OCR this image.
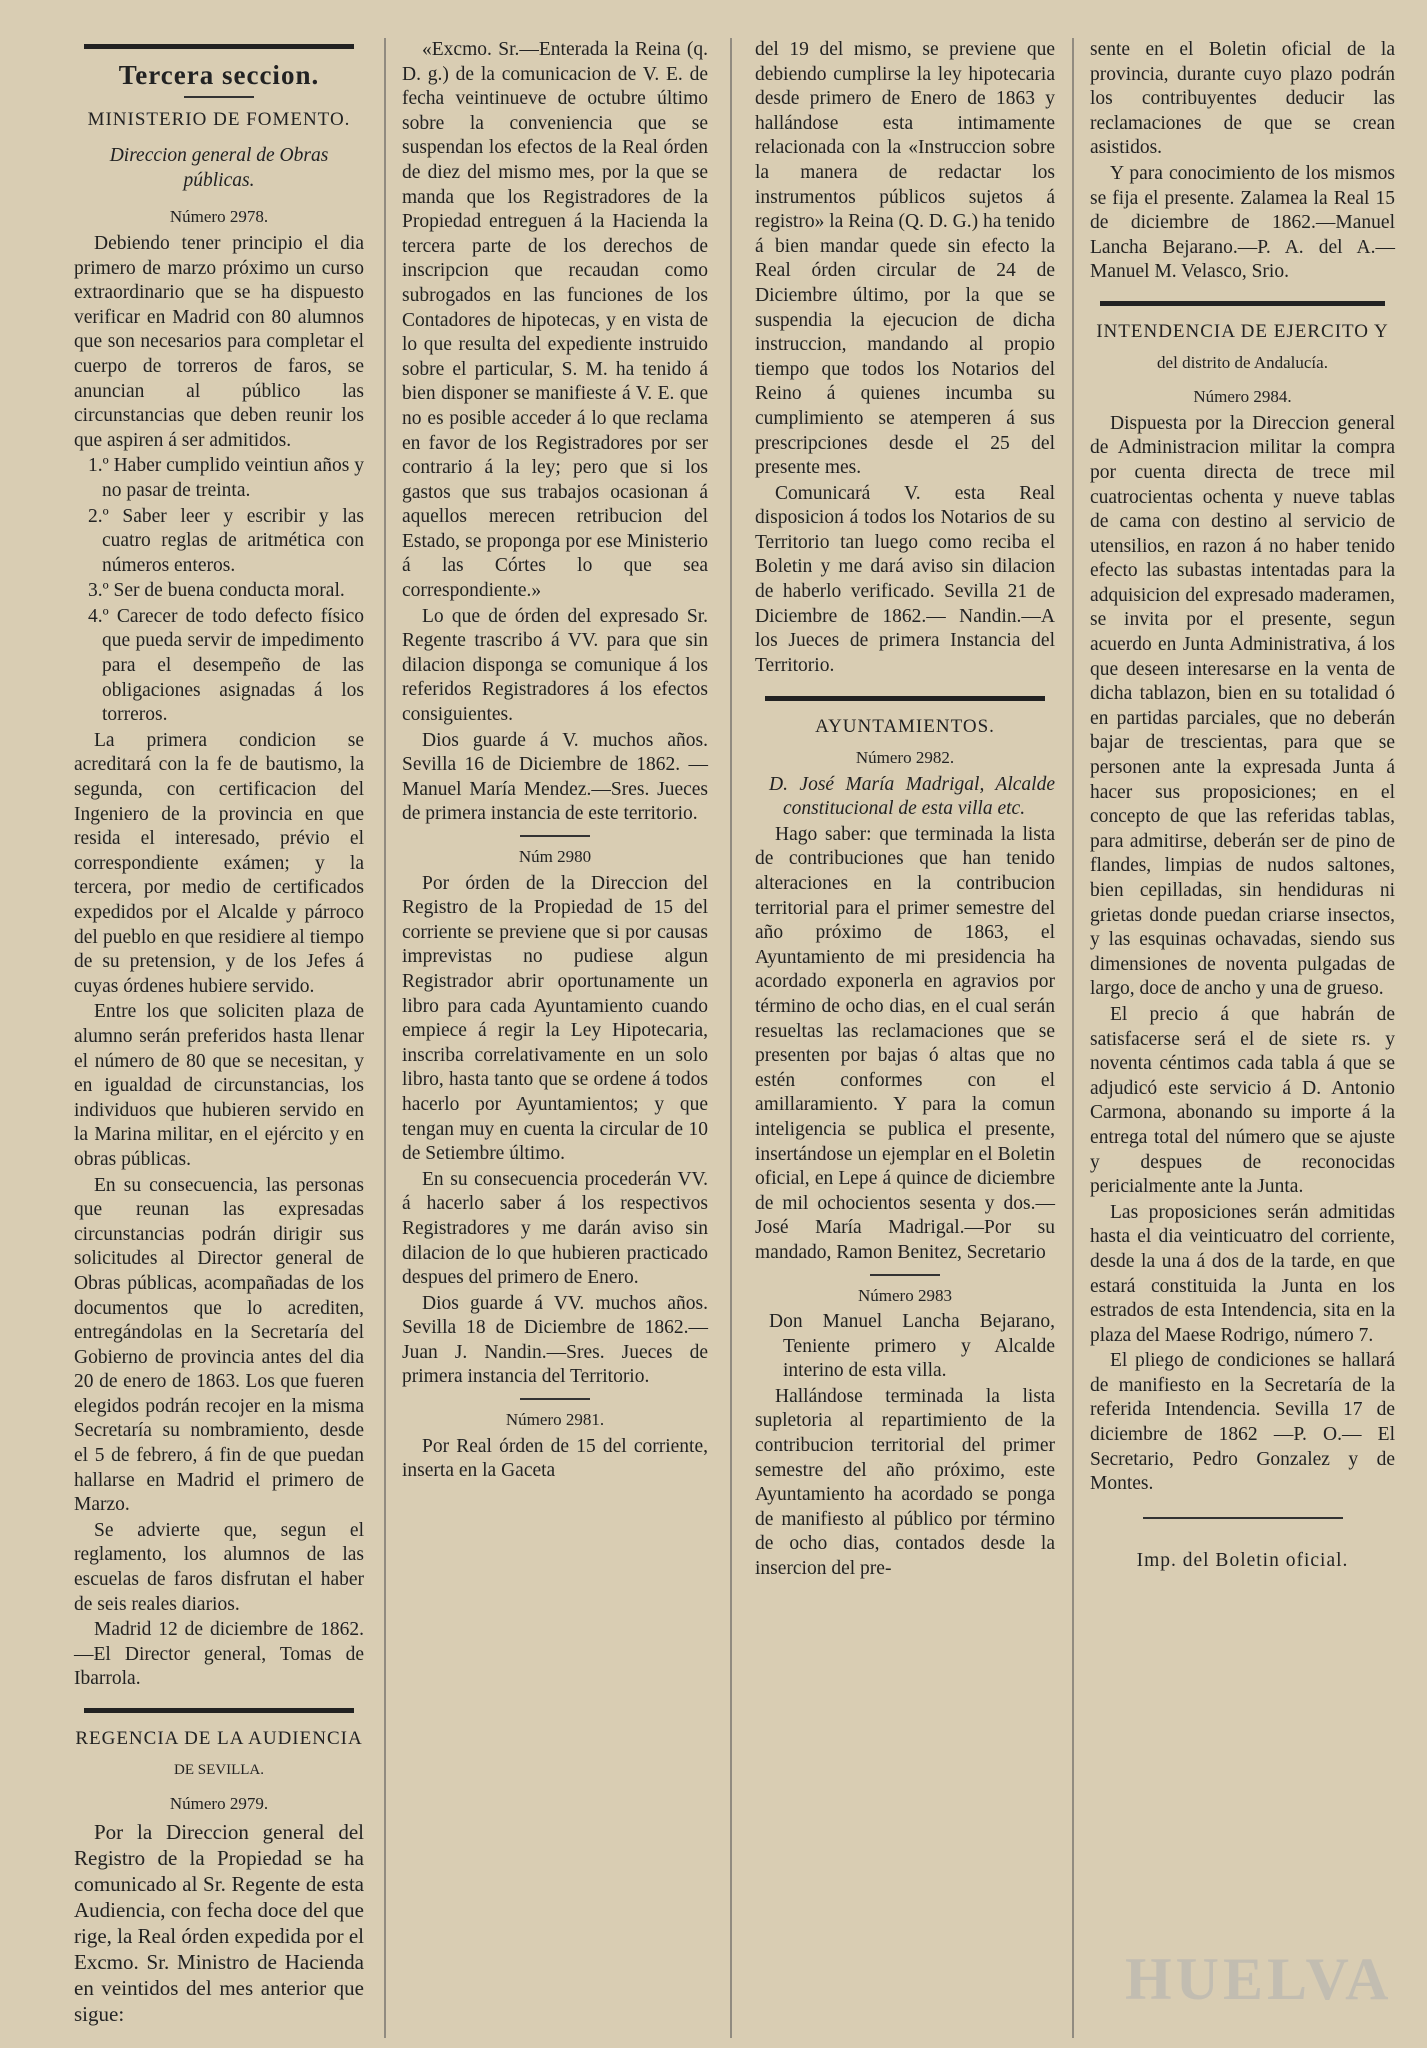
Tercera seccion.
MINISTERIO DE FOMENTO.
Direccion general de Obras públicas.
Número 2978.

Debiendo tener principio el dia primero de marzo próximo un curso extraordinario que se ha dispuesto verificar en Madrid con 80 alumnos que son necesarios para completar el cuerpo de torreros de faros, se anuncian al público las circunstancias que deben reunir los que aspiren á ser admitidos.

1.º Haber cumplido veintiun años y no pasar de treinta.

2.º Saber leer y escribir y las cuatro reglas de aritmética con números enteros.

3.º Ser de buena conducta moral.

4.º Carecer de todo defecto físico que pueda servir de impedimento para el desempeño de las obligaciones asignadas á los torreros.

La primera condicion se acreditará con la fe de bautismo, la segunda, con certificacion del Ingeniero de la provincia en que resida el interesado, prévio el correspondiente exámen; y la tercera, por medio de certificados expedidos por el Alcalde y párroco del pueblo en que residiere al tiempo de su pretension, y de los Jefes á cuyas órdenes hubiere servido.

Entre los que soliciten plaza de alumno serán preferidos hasta llenar el número de 80 que se necesitan, y en igualdad de circunstancias, los individuos que hubieren servido en la Marina militar, en el ejército y en obras públicas.

En su consecuencia, las personas que reunan las expresadas circunstancias podrán dirigir sus solicitudes al Director general de Obras públicas, acompañadas de los documentos que lo acrediten, entregándolas en la Secretaría del Gobierno de provincia antes del dia 20 de enero de 1863. Los que fueren elegidos podrán recojer en la misma Secretaría su nombramiento, desde el 5 de febrero, á fin de que puedan hallarse en Madrid el primero de Marzo.

Se advierte que, segun el reglamento, los alumnos de las escuelas de faros disfrutan el haber de seis reales diarios.

Madrid 12 de diciembre de 1862. —El Director general, Tomas de Ibarrola.

REGENCIA DE LA AUDIENCIA
DE SEVILLA.
Número 2979.

Por la Direccion general del Registro de la Propiedad se ha comunicado al Sr. Regente de esta Audiencia, con fecha doce del que rige, la Real órden expedida por el Excmo. Sr. Ministro de Hacienda en veintidos del mes anterior que sigue:

«Excmo. Sr.—Enterada la Reina (q. D. g.) de la comunicacion de V. E. de fecha veintinueve de octubre último sobre la conveniencia que se suspendan los efectos de la Real órden de diez del mismo mes, por la que se manda que los Registradores de la Propiedad entreguen á la Hacienda la tercera parte de los derechos de inscripcion que recaudan como subrogados en las funciones de los Contadores de hipotecas, y en vista de lo que resulta del expediente instruido sobre el particular, S. M. ha tenido á bien disponer se manifieste á V. E. que no es posible acceder á lo que reclama en favor de los Registradores por ser contrario á la ley; pero que si los gastos que sus trabajos ocasionan á aquellos merecen retribucion del Estado, se proponga por ese Ministerio á las Córtes lo que sea correspondiente.»

Lo que de órden del expresado Sr. Regente trascribo á VV. para que sin dilacion disponga se comunique á los referidos Registradores á los efectos consiguientes.

Dios guarde á V. muchos años. Sevilla 16 de Diciembre de 1862. —Manuel María Mendez.—Sres. Jueces de primera instancia de este territorio.

Núm 2980

Por órden de la Direccion del Registro de la Propiedad de 15 del corriente se previene que si por causas imprevistas no pudiese algun Registrador abrir oportunamente un libro para cada Ayuntamiento cuando empiece á regir la Ley Hipotecaria, inscriba correlativamente en un solo libro, hasta tanto que se ordene á todos hacerlo por Ayuntamientos; y que tengan muy en cuenta la circular de 10 de Setiembre último.

En su consecuencia procederán VV. á hacerlo saber á los respectivos Registradores y me darán aviso sin dilacion de lo que hubieren practicado despues del primero de Enero.

Dios guarde á VV. muchos años. Sevilla 18 de Diciembre de 1862.—Juan J. Nandin.—Sres. Jueces de primera instancia del Territorio.

Número 2981.

Por Real órden de 15 del corriente, inserta en la Gaceta

del 19 del mismo, se previene que debiendo cumplirse la ley hipotecaria desde primero de Enero de 1863 y hallándose esta intimamente relacionada con la «Instruccion sobre la manera de redactar los instrumentos públicos sujetos á registro» la Reina (Q. D. G.) ha tenido á bien mandar quede sin efecto la Real órden circular de 24 de Diciembre último, por la que se suspendia la ejecucion de dicha instruccion, mandando al propio tiempo que todos los Notarios del Reino á quienes incumba su cumplimiento se atemperen á sus prescripciones desde el 25 del presente mes.

Comunicará V. esta Real disposicion á todos los Notarios de su Territorio tan luego como reciba el Boletin y me dará aviso sin dilacion de haberlo verificado. Sevilla 21 de Diciembre de 1862.— Nandin.—A los Jueces de primera Instancia del Territorio.

AYUNTAMIENTOS.
Número 2982.

D. José María Madrigal, Alcalde constitucional de esta villa etc.

Hago saber: que terminada la lista de contribuciones que han tenido alteraciones en la contribucion territorial para el primer semestre del año próximo de 1863, el Ayuntamiento de mi presidencia ha acordado exponerla en agravios por término de ocho dias, en el cual serán resueltas las reclamaciones que se presenten por bajas ó altas que no estén conformes con el amillaramiento. Y para la comun inteligencia se publica el presente, insertándose un ejemplar en el Boletin oficial, en Lepe á quince de diciembre de mil ochocientos sesenta y dos.—José María Madrigal.—Por su mandado, Ramon Benitez, Secretario

Número 2983

Don Manuel Lancha Bejarano, Teniente primero y Alcalde interino de esta villa.

Hallándose terminada la lista supletoria al repartimiento de la contribucion territorial del primer semestre del año próximo, este Ayuntamiento ha acordado se ponga de manifiesto al público por término de ocho dias, contados desde la insercion del pre-

sente en el Boletin oficial de la provincia, durante cuyo plazo podrán los contribuyentes deducir las reclamaciones de que se crean asistidos.

Y para conocimiento de los mismos se fija el presente. Zalamea la Real 15 de diciembre de 1862.—Manuel Lancha Bejarano.—P. A. del A.— Manuel M. Velasco, Srio.

INTENDENCIA DE EJERCITO Y
del distrito de Andalucía.
Número 2984.

Dispuesta por la Direccion general de Administracion militar la compra por cuenta directa de trece mil cuatrocientas ochenta y nueve tablas de cama con destino al servicio de utensilios, en razon á no haber tenido efecto las subastas intentadas para la adquisicion del expresado maderamen, se invita por el presente, segun acuerdo en Junta Administrativa, á los que deseen interesarse en la venta de dicha tablazon, bien en su totalidad ó en partidas parciales, que no deberán bajar de trescientas, para que se personen ante la expresada Junta á hacer sus proposiciones; en el concepto de que las referidas tablas, para admitirse, deberán ser de pino de flandes, limpias de nudos saltones, bien cepilladas, sin hendiduras ni grietas donde puedan criarse insectos, y las esquinas ochavadas, siendo sus dimensiones de noventa pulgadas de largo, doce de ancho y una de grueso.

El precio á que habrán de satisfacerse será el de siete rs. y noventa céntimos cada tabla á que se adjudicó este servicio á D. Antonio Carmona, abonando su importe á la entrega total del número que se ajuste y despues de reconocidas pericialmente ante la Junta.

Las proposiciones serán admitidas hasta el dia veinticuatro del corriente, desde la una á dos de la tarde, en que estará constituida la Junta en los estrados de esta Intendencia, sita en la plaza del Maese Rodrigo, número 7.

El pliego de condiciones se hallará de manifiesto en la Secretaría de la referida Intendencia. Sevilla 17 de diciembre de 1862 —P. O.— El Secretario, Pedro Gonzalez y de Montes.

Imp. del Boletin oficial.
HUELVA
